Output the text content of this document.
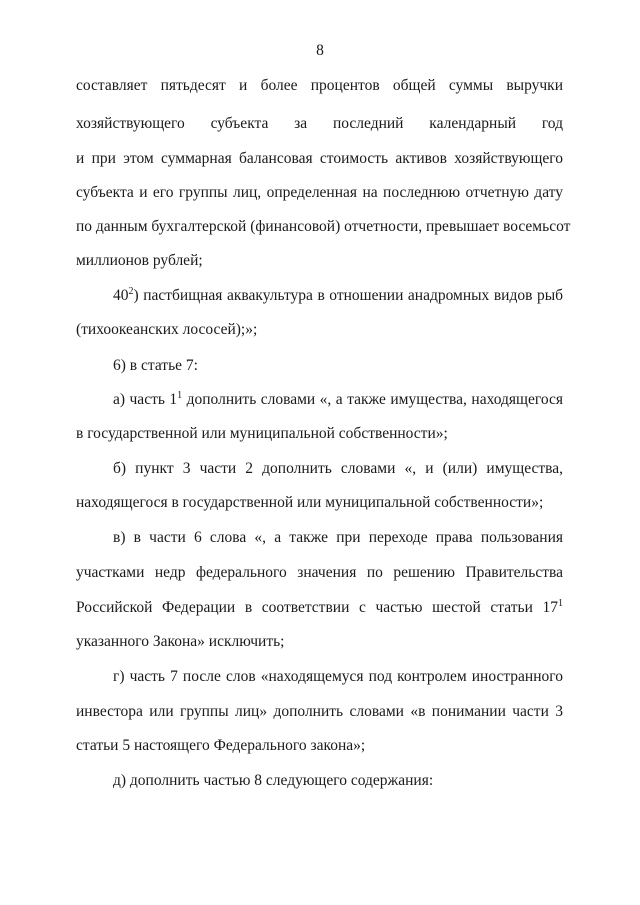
8
составляет пятьдесят и более процентов общей суммы выручки
хозяйствующего субъекта за последний календарный год
и при этом суммарная балансовая стоимость активов хозяйствующего
субъекта и его группы лиц, определенная на последнюю отчетную дату
по данным бухгалтерской (финансовой) отчетности, превышает восемьсот
миллионов рублей;
$40^2$) пастбищная аквакультура в отношении анадромных видов рыб
(тихоокеанских лососей);»;
6) в статье 7:
а) часть $1^1$ дополнить словами «, а также имущества, находящегося
в государственной или муниципальной собственности»;
б) пункт 3 части 2 дополнить словами «, и (или) имущества,
находящегося в государственной или муниципальной собственности»;
в) в части 6 слова «, а также при переходе права пользования
участками недр федерального значения по решению Правительства
Российской Федерации в соответствии с частью шестой статьи $17^1$
указанного Закона» исключить;
г) часть 7 после слов «находящемуся под контролем иностранного
инвестора или группы лиц» дополнить словами «в понимании части 3
статьи 5 настоящего Федерального закона»;
д) дополнить частью 8 следующего содержания:
